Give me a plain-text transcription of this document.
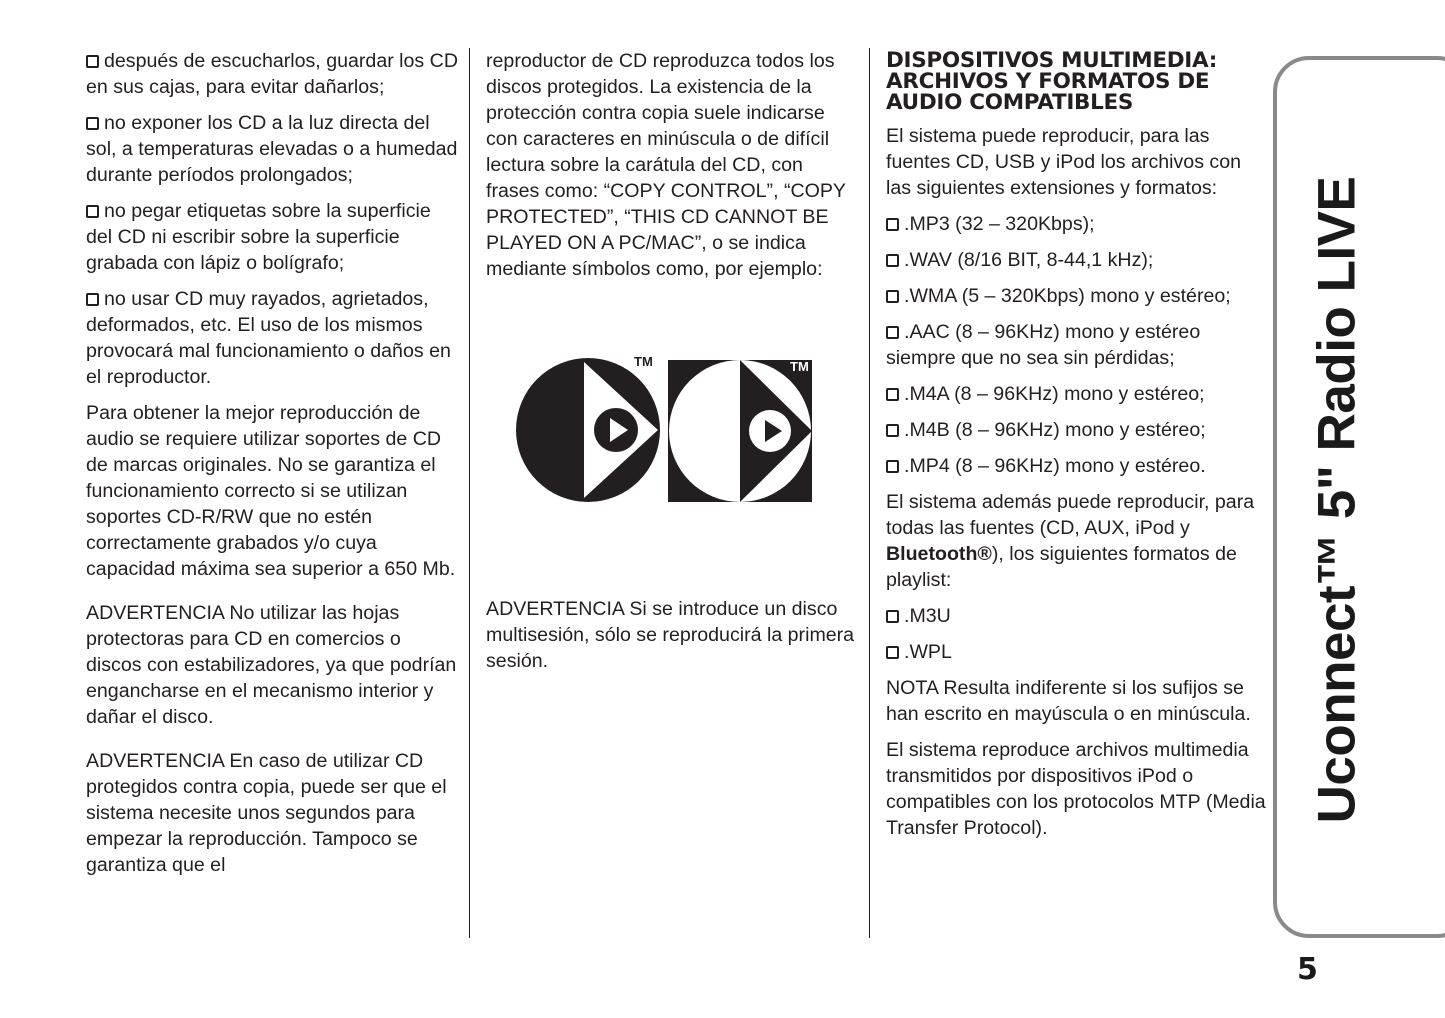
después de escucharlos, guardar los CD en sus cajas, para evitar dañarlos;
no exponer los CD a la luz directa del sol, a temperaturas elevadas o a humedad durante períodos prolongados;
no pegar etiquetas sobre la superficie del CD ni escribir sobre la superficie grabada con lápiz o bolígrafo;
no usar CD muy rayados, agrietados, deformados, etc. El uso de los mismos provocará mal funcionamiento o daños en el reproductor.

Para obtener la mejor reproducción de audio se requiere utilizar soportes de CD de marcas originales. No se garantiza el funcionamiento correcto si se utilizan soportes CD-R/RW que no estén correctamente grabados y/o cuya capacidad máxima sea superior a 650 Mb.

ADVERTENCIA No utilizar las hojas protectoras para CD en comercios o discos con estabilizadores, ya que podrían engancharse en el mecanismo interior y dañar el disco.

ADVERTENCIA En caso de utilizar CD protegidos contra copia, puede ser que el sistema necesite unos segundos para empezar la reproducción. Tampoco se garantiza que el

reproductor de CD reproduzca todos los discos protegidos. La existencia de la protección contra copia suele indicarse con caracteres en minúscula o de difícil lectura sobre la carátula del CD, con frases como: “COPY CONTROL”, “COPY PROTECTED”, “THIS CD CANNOT BE PLAYED ON A PC/MAC”, o se indica mediante símbolos como, por ejemplo:

TM	TM

ADVERTENCIA Si se introduce un disco multisesión, sólo se reproducirá la primera sesión.

DISPOSITIVOS MULTIMEDIA: ARCHIVOS Y FORMATOS DE AUDIO COMPATIBLES

El sistema puede reproducir, para las fuentes CD, USB y iPod los archivos con las siguientes extensiones y formatos:

.MP3 (32 – 320Kbps);
.WAV (8/16 BIT, 8-44,1 kHz);
.WMA (5 – 320Kbps) mono y estéreo;
.AAC (8 – 96KHz) mono y estéreo siempre que no sea sin pérdidas;
.M4A (8 – 96KHz) mono y estéreo;
.M4B (8 – 96KHz) mono y estéreo;
.MP4 (8 – 96KHz) mono y estéreo.

El sistema además puede reproducir, para todas las fuentes (CD, AUX, iPod y Bluetooth®), los siguientes formatos de playlist:

.M3U
.WPL

NOTA Resulta indiferente si los sufijos se han escrito en mayúscula o en minúscula.

El sistema reproduce archivos multimedia transmitidos por dispositivos iPod o compatibles con los protocolos MTP (Media Transfer Protocol).

Uconnect™ 5" Radio LIVE
5
